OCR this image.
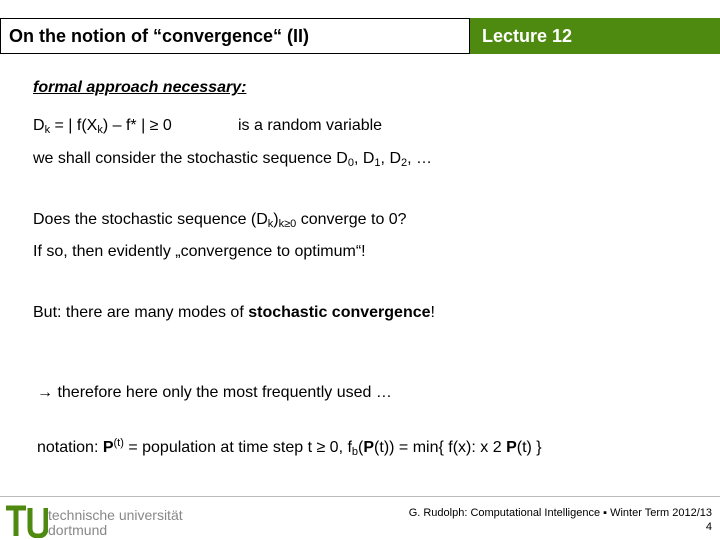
On the notion of “convergence“ (II)	Lecture 12
formal approach necessary:
$D_k$ = | $f(X_k) - f*$ | ≥ 0	is a random variable
we shall consider the stochastic sequence $D_0$, $D_1$, $D_2$, …
Does the stochastic sequence $(D_k)_{k\ge 0}$ converge to 0?
If so, then evidently „convergence to optimum“!
But: there are many modes of stochastic convergence!
→ therefore here only the most frequently used …
notation: $P^{(t)}$ = population at time step t ≥ 0, $f_b(P(t)) = \min${ f(x): x 2 P(t) }
technische universität
dortmund
G. Rudolph: Computational Intelligence ▪ Winter Term 2012/13
4
